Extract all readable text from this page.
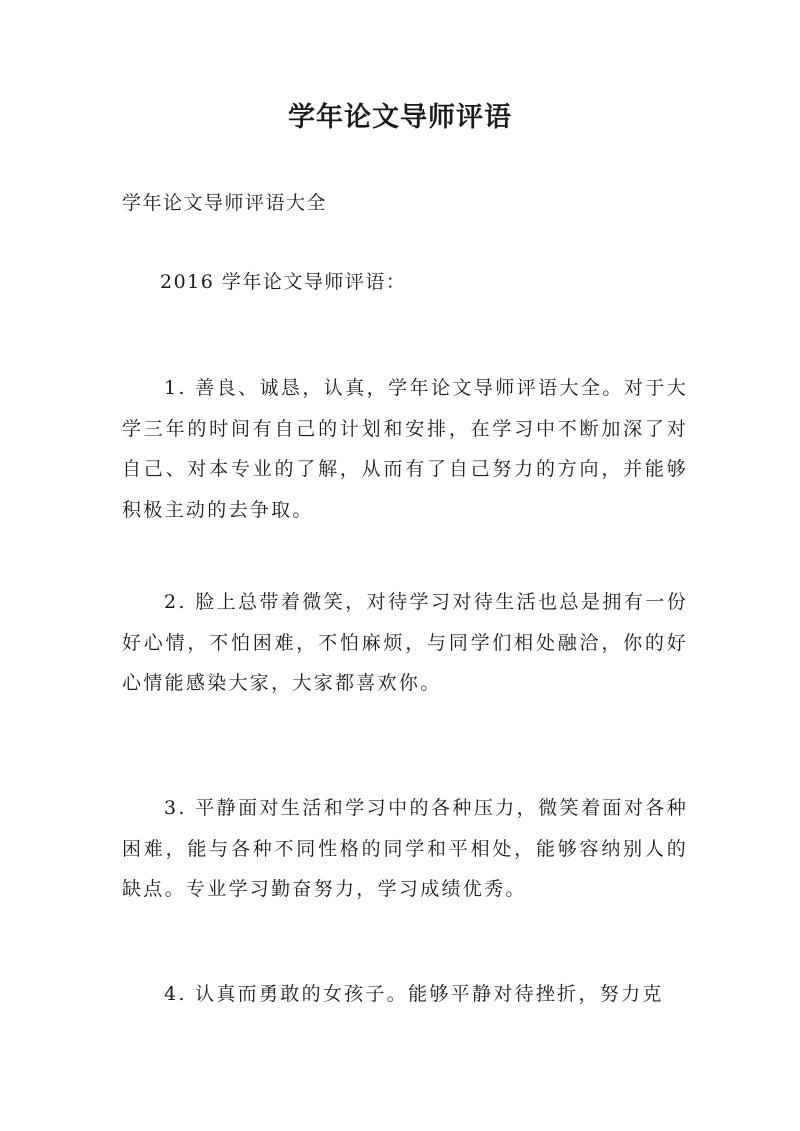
学年论文导师评语
学年论文导师评语大全
2016 学年论文导师评语：

1. 善良、诚恳，认真，学年论文导师评语大全。对于大学三年的时间有自己的计划和安排，在学习中不断加深了对自己、对本专业的了解，从而有了自己努力的方向，并能够积极主动的去争取。

2. 脸上总带着微笑，对待学习对待生活也总是拥有一份好心情，不怕困难，不怕麻烦，与同学们相处融洽，你的好心情能感染大家，大家都喜欢你。

3. 平静面对生活和学习中的各种压力，微笑着面对各种困难，能与各种不同性格的同学和平相处，能够容纳别人的缺点。专业学习勤奋努力，学习成绩优秀。

4. 认真而勇敢的女孩子。能够平静对待挫折，努力克
